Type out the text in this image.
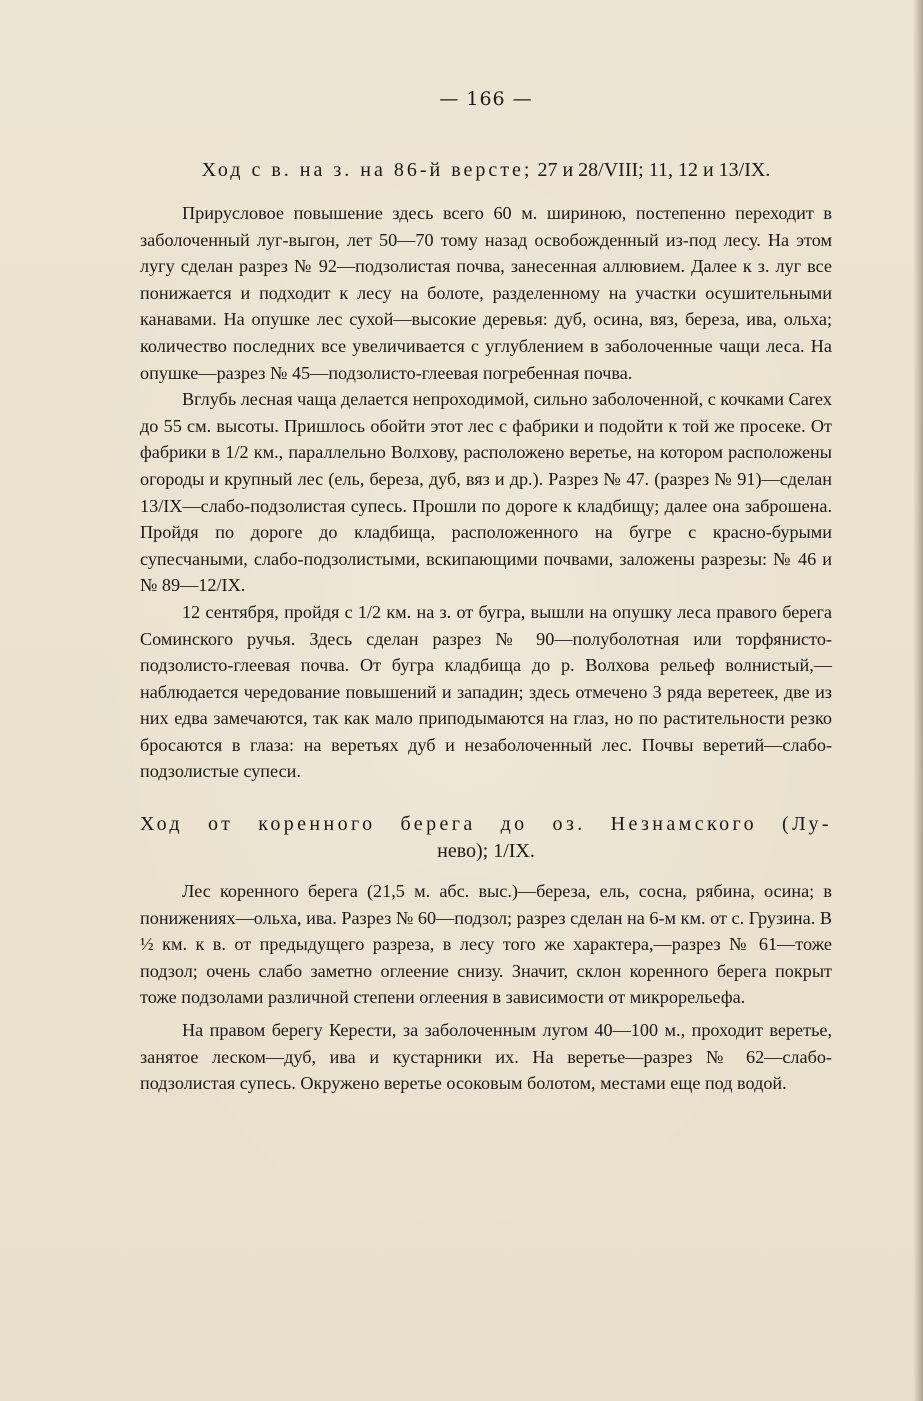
— 166 —
Ход с в. на з. на 86-й версте; 27 и 28/VIII; 11, 12 и 13/IX.

Прирусловое повышение здесь всего 60 м. шириною, постепенно переходит в заболоченный луг-выгон, лет 50—70 тому назад освобожденный из-под лесу. На этом лугу сделан разрез № 92—подзолистая почва, занесенная аллювием. Далее к з. луг все понижается и подходит к лесу на болоте, разделенному на участки осушительными канавами. На опушке лес сухой—высокие деревья: дуб, осина, вяз, береза, ива, ольха; количество последних все увеличивается с углублением в заболоченные чащи леса. На опушке—разрез № 45—подзолисто-глеевая погребенная почва.

Вглубь лесная чаща делается непроходимой, сильно заболоченной, с кочками Carex до 55 см. высоты. Пришлось обойти этот лес с фабрики и подойти к той же просеке. От фабрики в 1/2 км., параллельно Волхову, расположено веретье, на котором расположены огороды и крупный лес (ель, береза, дуб, вяз и др.). Разрез № 47. (разрез № 91)—сделан 13/IX—слабо-подзолистая супесь. Прошли по дороге к кладбищу; далее она заброшена. Пройдя по дороге до кладбища, расположенного на бугре с красно-бурыми супесчаными, слабо-подзолистыми, вскипающими почвами, заложены разрезы: № 46 и № 89—12/IX.

12 сентября, пройдя с 1/2 км. на з. от бугра, вышли на опушку леса правого берега Соминского ручья. Здесь сделан разрез № 90—полуболотная или торфянисто-подзолисто-глеевая почва. От бугра кладбища до р. Волхова рельеф волнистый,—наблюдается чередование повышений и западин; здесь отмечено 3 ряда веретеек, две из них едва замечаются, так как мало приподымаются на глаз, но по растительности резко бросаются в глаза: на веретьях дуб и незаболоченный лес. Почвы веретий—слабо-подзолистые супеси.

Ход от коренного берега до оз. Незнамского (Лу-
нево); 1/IX.

Лес коренного берега (21,5 м. абс. выс.)—береза, ель, сосна, рябина, осина; в понижениях—ольха, ива. Разрез № 60—подзол; разрез сделан на 6-м км. от с. Грузина. В ½ км. к в. от предыдущего разреза, в лесу того же характера,—разрез № 61—тоже подзол; очень слабо заметно оглеение снизу. Значит, склон коренного берега покрыт тоже подзолами различной степени оглеения в зависимости от микрорельефа.

На правом берегу Керести, за заболоченным лугом 40—100 м., проходит веретье, занятое леском—дуб, ива и кустарники их. На веретье—разрез № 62—слабо-подзолистая супесь. Окружено веретье осоковым болотом, местами еще под водой.
